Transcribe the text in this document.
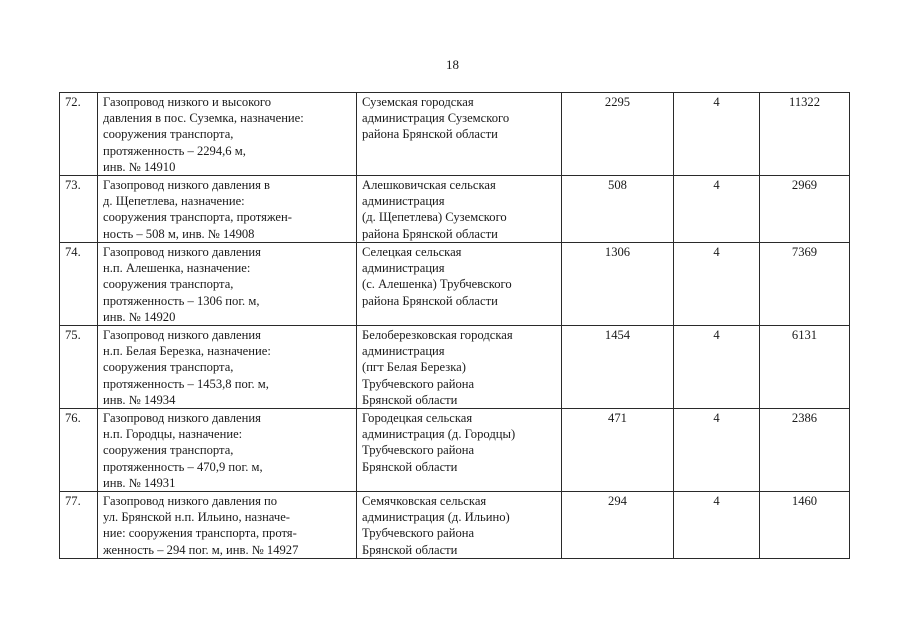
18
72.	Газопровод низкого и высокого
давления в пос. Суземка, назначение:
сооружения транспорта,
протяженность – 2294,6 м,
инв. № 14910	Суземская городская
администрация Суземского
района Брянской области	2295	4	11322
73.	Газопровод низкого давления в
д. Щепетлева, назначение:
сооружения транспорта, протяжен-
ность – 508 м, инв. № 14908	Алешковичская сельская
администрация
(д. Щепетлева) Суземского
района Брянской области	508	4	2969
74.	Газопровод низкого давления
н.п. Алешенка, назначение:
сооружения транспорта,
протяженность – 1306 пог. м,
инв. № 14920	Селецкая сельская
администрация
(с. Алешенка) Трубчевского
района Брянской области	1306	4	7369
75.	Газопровод низкого давления
н.п. Белая Березка, назначение:
сооружения транспорта,
протяженность – 1453,8 пог. м,
инв. № 14934	Белоберезковская городская
администрация
(пгт Белая Березка)
Трубчевского района
Брянской области	1454	4	6131
76.	Газопровод низкого давления
н.п. Городцы, назначение:
сооружения транспорта,
протяженность – 470,9 пог. м,
инв. № 14931	Городецкая сельская
администрация (д. Городцы)
Трубчевского района
Брянской области	471	4	2386
77.	Газопровод низкого давления по
ул. Брянской н.п. Ильино, назначе-
ние: сооружения транспорта, протя-
женность – 294 пог. м, инв. № 14927	Семячковская сельская
администрация (д. Ильино)
Трубчевского района
Брянской области	294	4	1460
